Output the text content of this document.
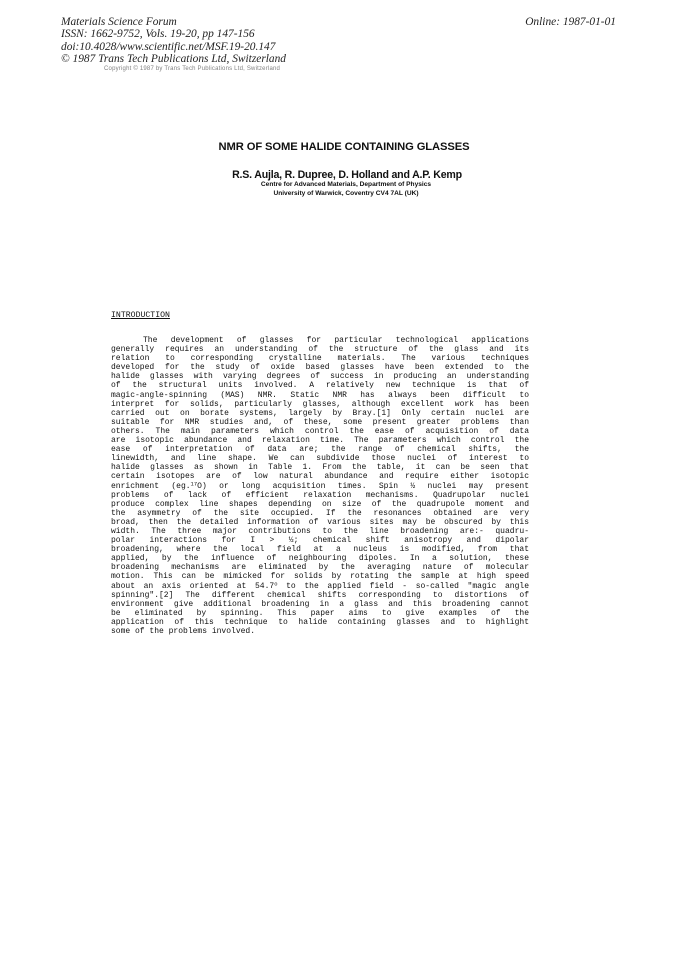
Materials Science Forum
ISSN: 1662-9752, Vols. 19-20, pp 147-156
doi:10.4028/www.scientific.net/MSF.19-20.147
© 1987 Trans Tech Publications Ltd, Switzerland
Online: 1987-01-01
Copyright © 1987 by Trans Tech Publications Ltd, Switzerland
NMR OF SOME HALIDE CONTAINING GLASSES
R.S. Aujla, R. Dupree, D. Holland and A.P. Kemp
Centre for Advanced Materials, Department of Physics
University of Warwick, Coventry CV4 7AL (UK)
INTRODUCTION
The development of glasses for particular technological applications
generally requires an understanding of the structure of the glass and its
relation to corresponding crystalline materials. The various techniques
developed for the study of oxide based glasses have been extended to the
halide glasses with varying degrees of success in producing an understanding
of the structural units involved. A relatively new technique is that of
magic-angle-spinning (MAS) NMR. Static NMR has always been difficult to
interpret for solids, particularly glasses, although excellent work has been
carried out on borate systems, largely by Bray.[1] Only certain nuclei are
suitable for NMR studies and, of these, some present greater problems than
others. The main parameters which control the ease of acquisition of data
are isotopic abundance and relaxation time. The parameters which control the
ease of interpretation of data are; the range of chemical shifts, the
linewidth, and line shape. We can subdivide those nuclei of interest to
halide glasses as shown in Table 1. From the table, it can be seen that
certain isotopes are of low natural abundance and require either isotopic
enrichment (eg.$^{17}$O) or long acquisition times. Spin ½ nuclei may present
problems of lack of efficient relaxation mechanisms. Quadrupolar nuclei
produce complex line shapes depending on size of the quadrupole moment and
the asymmetry of the site occupied. If the resonances obtained are very
broad, then the detailed information of various sites may be obscured by this
width. The three major contributions to the line broadening are:- quadru-
polar interactions for I > ½; chemical shift anisotropy and dipolar
broadening, where the local field at a nucleus is modified, from that
applied, by the influence of neighbouring dipoles. In a solution, these
broadening mechanisms are eliminated by the averaging nature of molecular
motion. This can be mimicked for solids by rotating the sample at high speed
about an axis oriented at 54.7$^o$ to the applied field - so-called "magic angle
spinning".[2] The different chemical shifts corresponding to distortions of
environment give additional broadening in a glass and this broadening cannot
be eliminated by spinning. This paper aims to give examples of the
application of this technique to halide containing glasses and to highlight
some of the problems involved.
